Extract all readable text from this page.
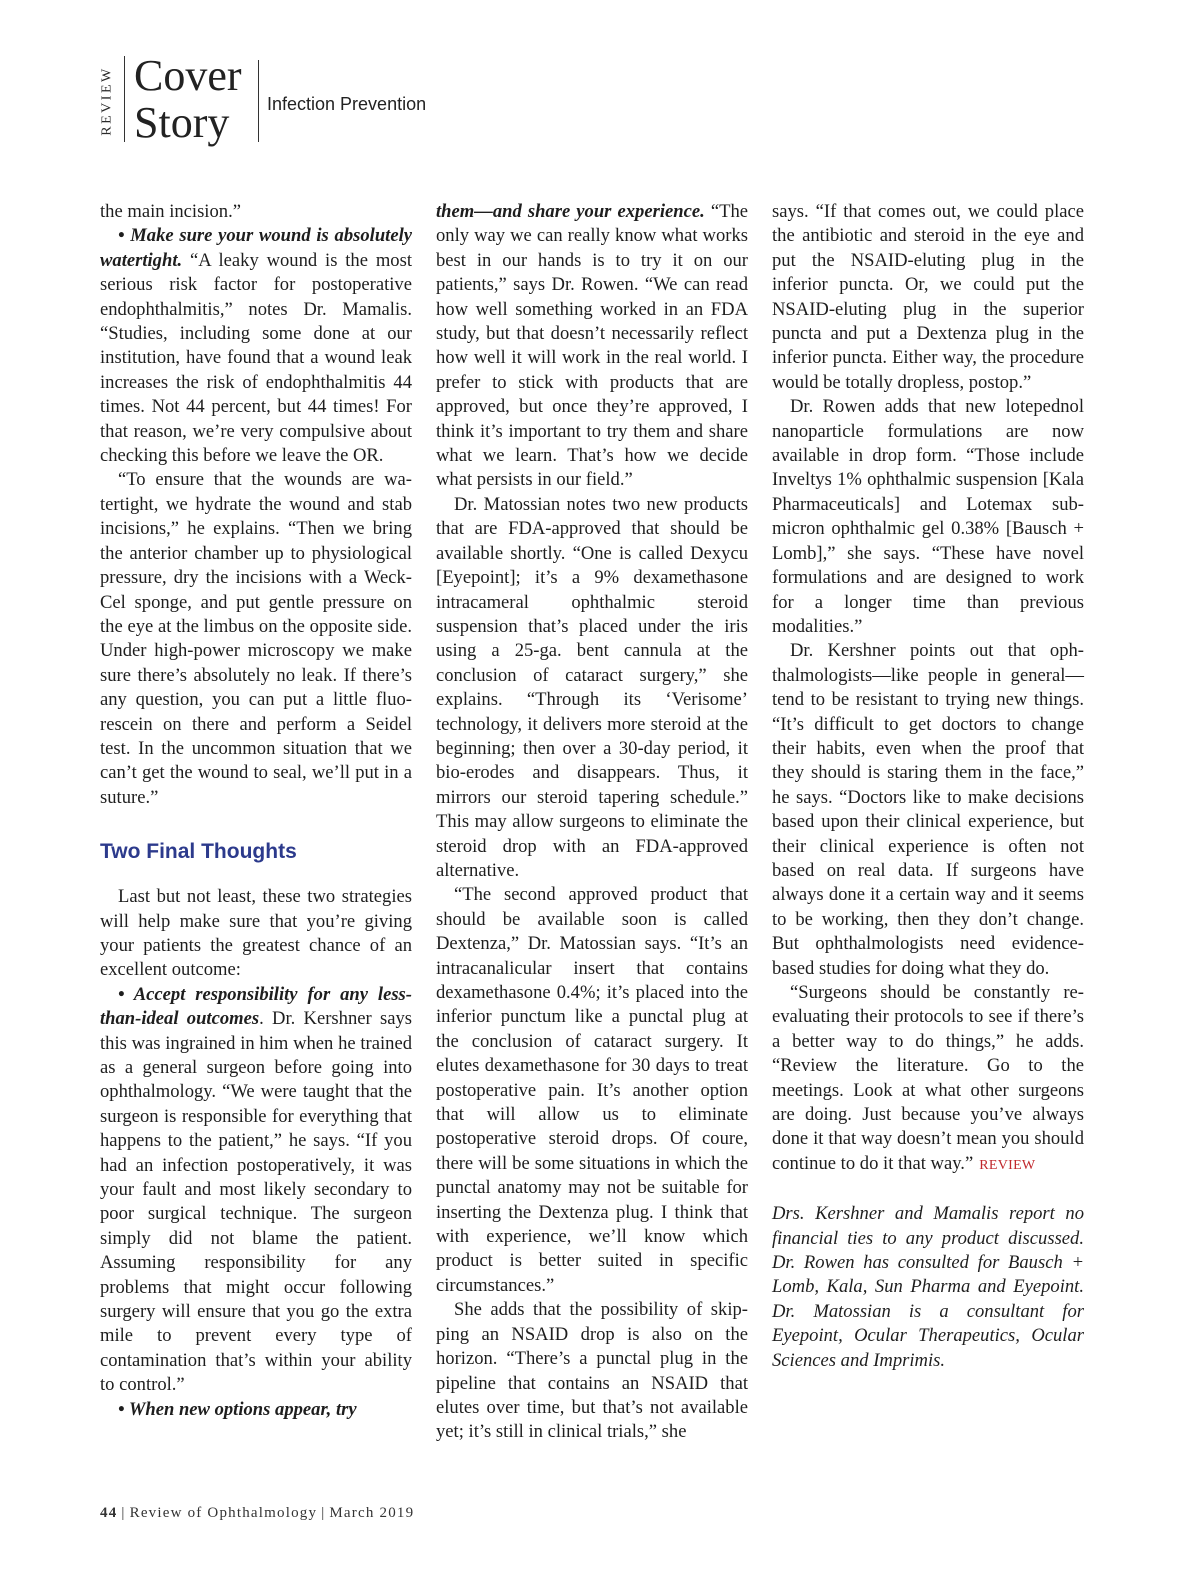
REVIEW Cover
Story Infection Prevention

the main incision.”

• Make sure your wound is absolutely watertight. “A leaky wound is the most serious risk factor for postoperative endophthalmitis,” notes Dr. Mamalis. “Studies, including some done at our institution, have found that a wound leak increases the risk of endophthalmitis 44 times. Not 44 percent, but 44 times! For that reason, we’re very compulsive about checking this before we leave the OR.

“To ensure that the wounds are watertight, we hydrate the wound and stab incisions,” he explains. “Then we bring the anterior chamber up to physiological pressure, dry the incisions with a Weck-Cel sponge, and put gentle pressure on the eye at the limbus on the opposite side. Under high-power microscopy we make sure there’s absolutely no leak. If there’s any question, you can put a little fluorescein on there and perform a Seidel test. In the uncommon situation that we can’t get the wound to seal, we’ll put in a suture.”

Two Final Thoughts

Last but not least, these two strategies will help make sure that you’re giving your patients the greatest chance of an excellent outcome:

• Accept responsibility for any less-than-ideal outcomes. Dr. Kershner says this was ingrained in him when he trained as a general surgeon before going into ophthalmology. “We were taught that the surgeon is responsible for everything that happens to the patient,” he says. “If you had an infection postoperatively, it was your fault and most likely secondary to poor surgical technique. The surgeon simply did not blame the patient. Assuming responsibility for any problems that might occur following surgery will ensure that you go the extra mile to prevent every type of contamination that’s within your ability to control.”

• When new options appear, try

them—and share your experience. “The only way we can really know what works best in our hands is to try it on our patients,” says Dr. Rowen. “We can read how well something worked in an FDA study, but that doesn’t necessarily reflect how well it will work in the real world. I prefer to stick with products that are approved, but once they’re approved, I think it’s important to try them and share what we learn. That’s how we decide what persists in our field.”

Dr. Matossian notes two new products that are FDA-approved that should be available shortly. “One is called Dexycu [Eyepoint]; it’s a 9% dexamethasone intracameral ophthalmic steroid suspension that’s placed under the iris using a 25-ga. bent cannula at the conclusion of cataract surgery,” she explains. “Through its ‘Verisome’ technology, it delivers more steroid at the beginning; then over a 30-day period, it bio-erodes and disappears. Thus, it mirrors our steroid tapering schedule.” This may allow surgeons to eliminate the steroid drop with an FDA-approved alternative.

“The second approved product that should be available soon is called Dextenza,” Dr. Matossian says. “It’s an intracanalicular insert that contains dexamethasone 0.4%; it’s placed into the inferior punctum like a punctal plug at the conclusion of cataract surgery. It elutes dexamethasone for 30 days to treat postoperative pain. It’s another option that will allow us to eliminate postoperative steroid drops. Of coure, there will be some situations in which the punctal anatomy may not be suitable for inserting the Dextenza plug. I think that with experience, we’ll know which product is better suited in specific circumstances.”

She adds that the possibility of skipping an NSAID drop is also on the horizon. “There’s a punctal plug in the pipeline that contains an NSAID that elutes over time, but that’s not available yet; it’s still in clinical trials,” she

says. “If that comes out, we could place the antibiotic and steroid in the eye and put the NSAID-eluting plug in the inferior puncta. Or, we could put the NSAID-eluting plug in the superior puncta and put a Dextenza plug in the inferior puncta. Either way, the procedure would be totally dropless, postop.”

Dr. Rowen adds that new lotepednol nanoparticle formulations are now available in drop form. “Those include Inveltys 1% ophthalmic suspension [Kala Pharmaceuticals] and Lotemax sub-micron ophthalmic gel 0.38% [Bausch + Lomb],” she says. “These have novel formulations and are designed to work for a longer time than previous modalities.”

Dr. Kershner points out that ophthalmologists—like people in general—tend to be resistant to trying new things. “It’s difficult to get doctors to change their habits, even when the proof that they should is staring them in the face,” he says. “Doctors like to make decisions based upon their clinical experience, but their clinical experience is often not based on real data. If surgeons have always done it a certain way and it seems to be working, then they don’t change. But ophthalmologists need evidence-based studies for doing what they do.

“Surgeons should be constantly re-evaluating their protocols to see if there’s a better way to do things,” he adds. “Review the literature. Go to the meetings. Look at what other surgeons are doing. Just because you’ve always done it that way doesn’t mean you should continue to do it that way.” REVIEW

Drs. Kershner and Mamalis report no financial ties to any product discussed. Dr. Rowen has consulted for Bausch + Lomb, Kala, Sun Pharma and Eyepoint. Dr. Matossian is a consultant for Eyepoint, Ocular Therapeutics, Ocular Sciences and Imprimis.

44 | Review of Ophthalmology | March 2019
